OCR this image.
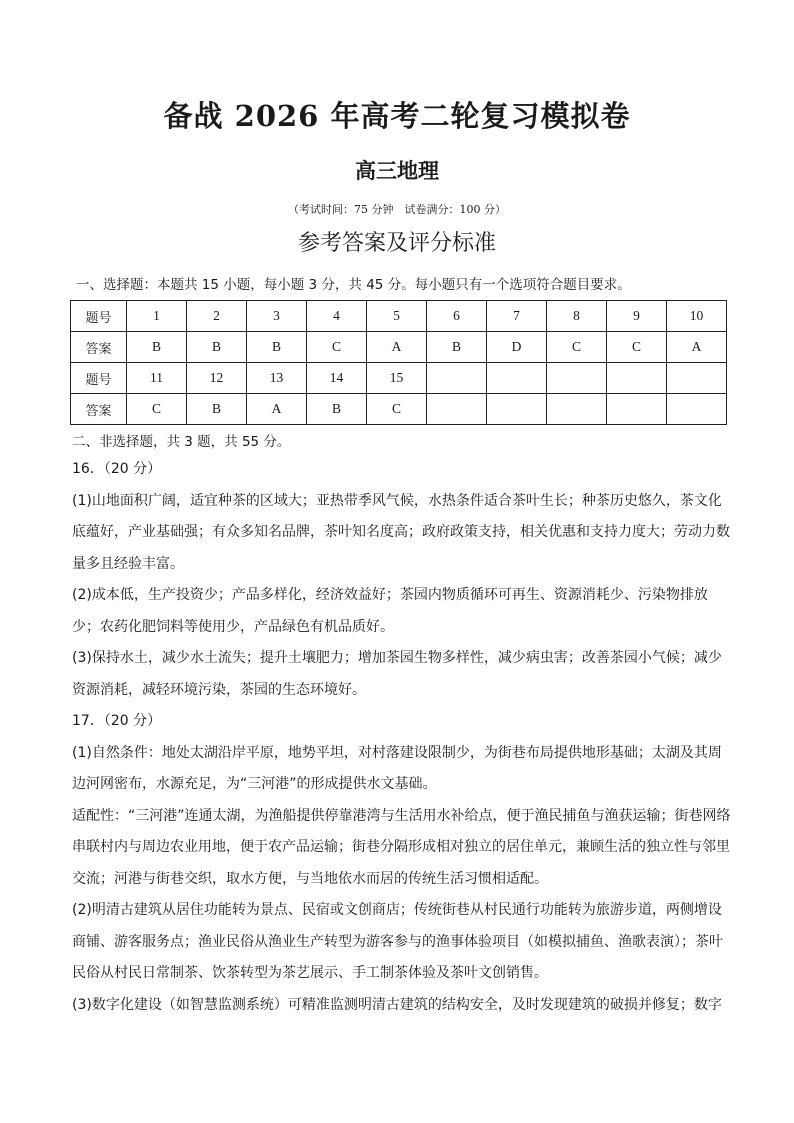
备战 2026 年高考二轮复习模拟卷
高三地理
（考试时间：75 分钟　试卷满分：100 分）
参考答案及评分标准
一、选择题：本题共 15 小题，每小题 3 分，共 45 分。每小题只有一个选项符合题目要求。
题号	1	2	3	4	5	6	7	8	9	10
答案	B	B	B	C	A	B	D	C	C	A
题号	11	12	13	14	15					
答案	C	B	A	B	C					
二、非选择题，共 3 题，共 55 分。

16．（20 分）

(1)山地面积广阔，适宜种茶的区域大；亚热带季风气候，水热条件适合茶叶生长；种茶历史悠久，茶文化底蕴好，产业基础强；有众多知名品牌，茶叶知名度高；政府政策支持，相关优惠和支持力度大；劳动力数量多且经验丰富。

(2)成本低，生产投资少；产品多样化，经济效益好；茶园内物质循环可再生、资源消耗少、污染物排放少；农药化肥饲料等使用少，产品绿色有机品质好。

(3)保持水土，减少水土流失；提升土壤肥力；增加茶园生物多样性，减少病虫害；改善茶园小气候；减少资源消耗，减轻环境污染，茶园的生态环境好。

17．（20 分）

(1)自然条件：地处太湖沿岸平原，地势平坦，对村落建设限制少，为街巷布局提供地形基础；太湖及其周边河网密布，水源充足，为“三河港”的形成提供水文基础。

适配性：“三河港”连通太湖，为渔船提供停靠港湾与生活用水补给点，便于渔民捕鱼与渔获运输；街巷网络串联村内与周边农业用地，便于农产品运输；街巷分隔形成相对独立的居住单元，兼顾生活的独立性与邻里交流；河港与街巷交织，取水方便，与当地依水而居的传统生活习惯相适配。

(2)明清古建筑从居住功能转为景点、民宿或文创商店；传统街巷从村民通行功能转为旅游步道，两侧增设商铺、游客服务点；渔业民俗从渔业生产转型为游客参与的渔事体验项目（如模拟捕鱼、渔歌表演）；茶叶民俗从村民日常制茶、饮茶转型为茶艺展示、手工制茶体验及茶叶文创销售。

(3)数字化建设（如智慧监测系统）可精准监测明清古建筑的结构安全，及时发现建筑的破损并修复；数字
